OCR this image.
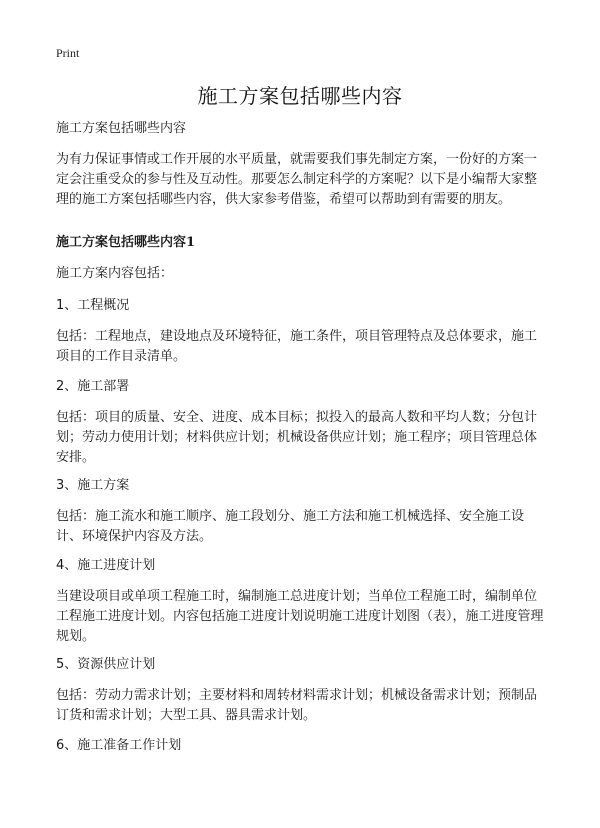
Print
施工方案包括哪些内容

施工方案包括哪些内容

为有力保证事情或工作开展的水平质量，就需要我们事先制定方案，一份好的方案一定会注重受众的参与性及互动性。那要怎么制定科学的方案呢？以下是小编帮大家整理的施工方案包括哪些内容，供大家参考借鉴，希望可以帮助到有需要的朋友。

施工方案包括哪些内容1

施工方案内容包括：

1、工程概况

包括：工程地点，建设地点及环境特征，施工条件，项目管理特点及总体要求，施工项目的工作目录清单。

2、施工部署

包括：项目的质量、安全、进度、成本目标；拟投入的最高人数和平均人数；分包计划；劳动力使用计划；材料供应计划；机械设备供应计划；施工程序；项目管理总体安排。

3、施工方案

包括：施工流水和施工顺序、施工段划分、施工方法和施工机械选择、安全施工设计、环境保护内容及方法。

4、施工进度计划

当建设项目或单项工程施工时，编制施工总进度计划；当单位工程施工时，编制单位工程施工进度计划。内容包括施工进度计划说明施工进度计划图（表），施工进度管理规划。

5、资源供应计划

包括：劳动力需求计划；主要材料和周转材料需求计划；机械设备需求计划；预制品订货和需求计划；大型工具、器具需求计划。

6、施工准备工作计划
